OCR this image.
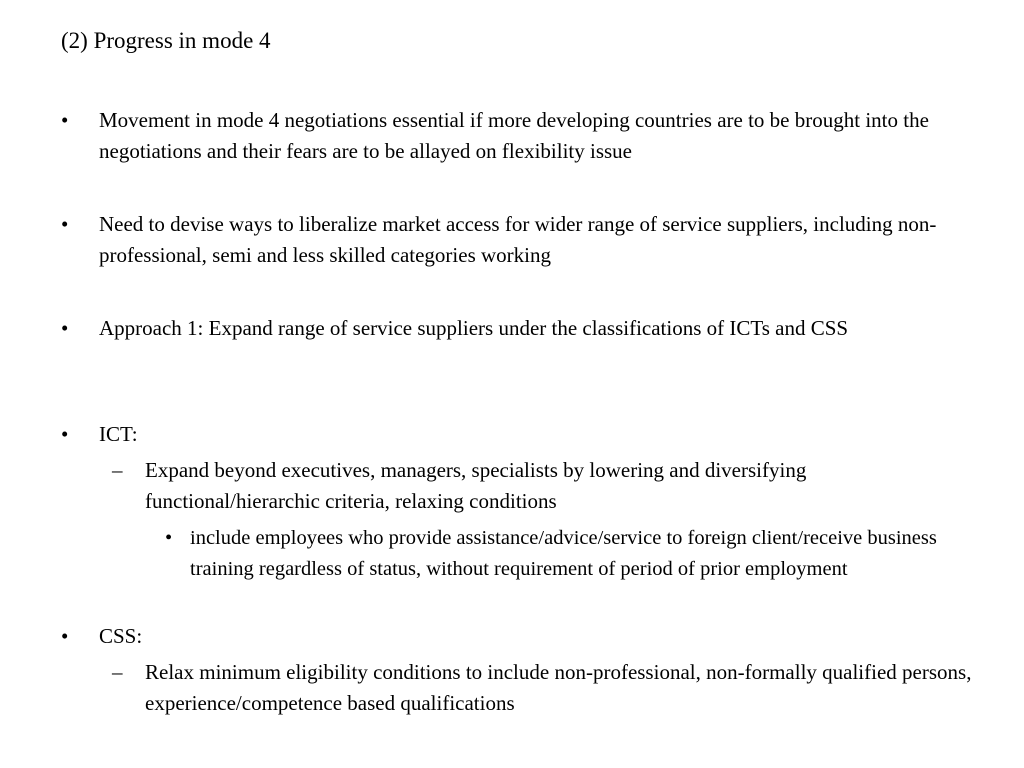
(2) Progress in mode 4
• Movement in mode 4 negotiations essential if more developing countries are to be brought into the negotiations and their fears are to be allayed on flexibility issue
• Need to devise ways to liberalize market access for wider range of service suppliers, including non-professional, semi and less skilled categories working
• Approach 1: Expand range of service suppliers under the classifications of ICTs and CSS
• ICT:
– Expand beyond executives, managers, specialists by lowering and diversifying functional/hierarchic criteria, relaxing conditions
• include employees who provide assistance/advice/service to foreign client/receive business training regardless of status, without requirement of period of prior employment
• CSS:
– Relax minimum eligibility conditions to include non-professional, non-formally qualified persons, experience/competence based qualifications
